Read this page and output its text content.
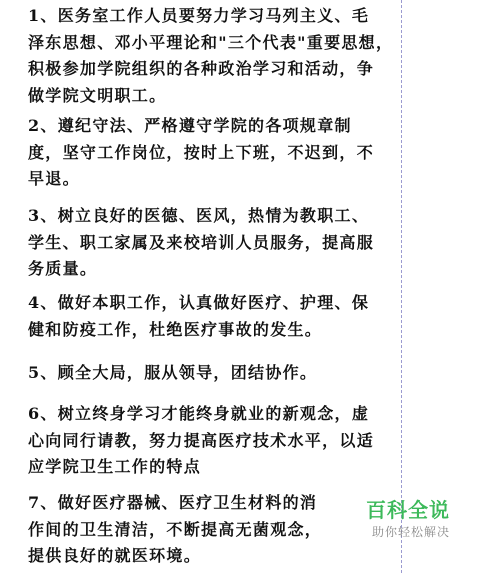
1、医务室工作人员要努力学习马列主义、毛
泽东思想、邓小平理论和"三个代表"重要思想，
积极参加学院组织的各种政治学习和活动，争
做学院文明职工。
2、遵纪守法、严格遵守学院的各项规章制
度，坚守工作岗位，按时上下班，不迟到，不
早退。
3、树立良好的医德、医风，热情为教职工、
学生、职工家属及来校培训人员服务，提高服
务质量。
4、做好本职工作，认真做好医疗、护理、保
健和防疫工作，杜绝医疗事故的发生。
5、顾全大局，服从领导，团结协作。
6、树立终身学习才能终身就业的新观念，虚
心向同行请教，努力提高医疗技术水平，以适
应学院卫生工作的特点
7、做好医疗器械、医疗卫生材料的消
作间的卫生清洁，不断提高无菌观念，
提供良好的就医环境。
百科全说
助你轻松解决
